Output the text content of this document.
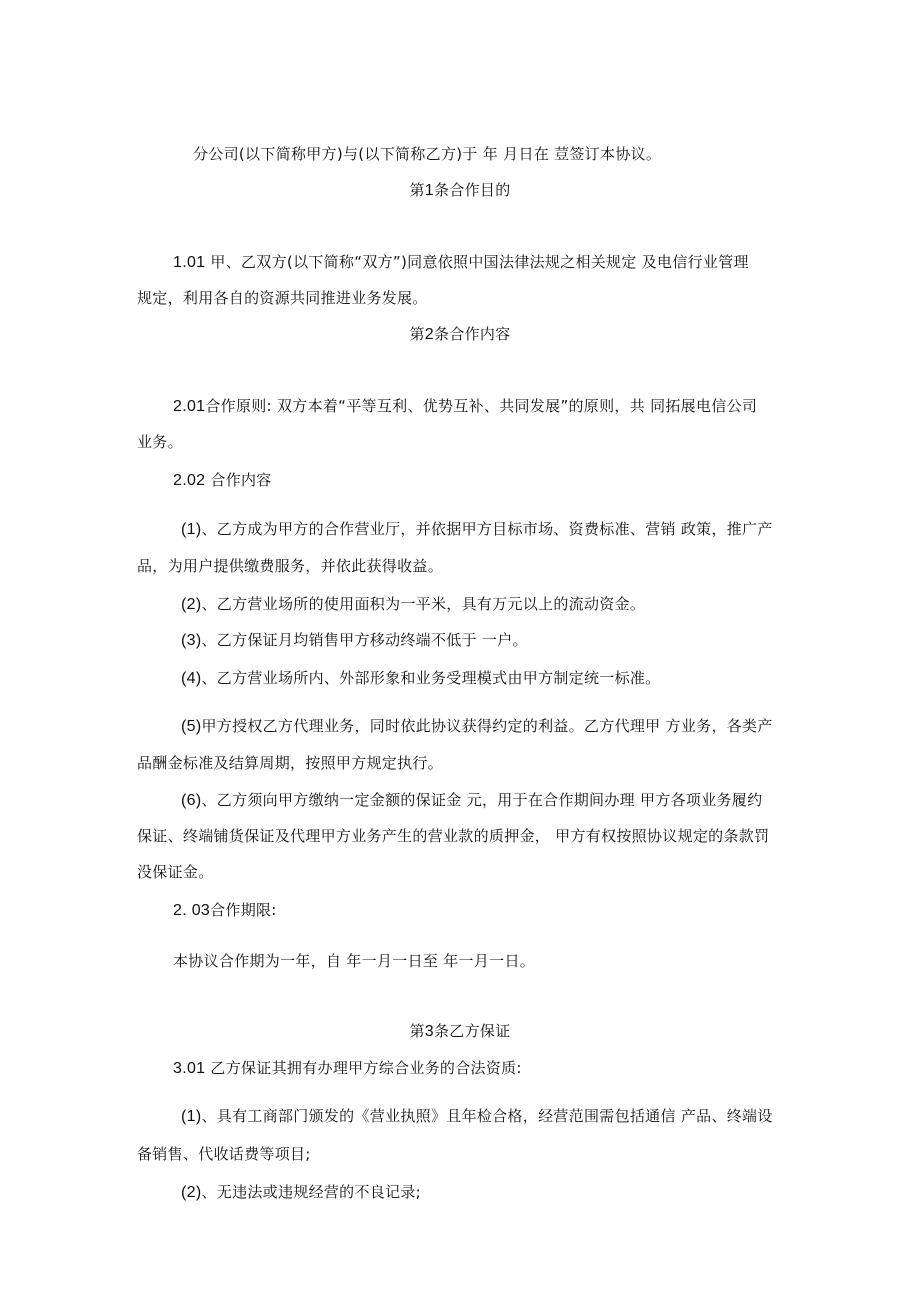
分公司(以下简称甲方)与(以下简称乙方)于 年 月日在 荳签订本协议。
第1条合作目的
1.01 甲、乙双方(以下简称“双方”)同意依照中国法律法规之相关规定 及电信行业管理
规定，利用各自的资源共同推进业务发展。
第2条合作内容
2.01合作原则: 双方本着“平等互利、优势互补、共同发展”的原则，共 同拓展电信公司
业务。
2.02 合作内容
(1)、乙方成为甲方的合作营业厅，并依据甲方目标市场、资费标准、营销 政策，推广产
品，为用户提供缴费服务，并依此获得收益。
(2)、乙方营业场所的使用面积为一平米，具有万元以上的流动资金。
(3)、乙方保证月均销售甲方移动终端不低于 一户。
(4)、乙方营业场所内、外部形象和业务受理模式由甲方制定统一标准。
(5)甲方授权乙方代理业务，同时依此协议获得约定的利益。乙方代理甲 方业务，各类产
品酬金标准及结算周期，按照甲方规定执行。
(6)、乙方须向甲方缴纳一定金额的保证金 元，用于在合作期间办理 甲方各项业务履约
保证、终端铺货保证及代理甲方业务产生的营业款的质押金， 甲方有权按照协议规定的条款罚
没保证金。
2. 03合作期限:
本协议合作期为一年，自 年一月一日至 年一月一日。
第3条乙方保证
3.01 乙方保证其拥有办理甲方综合业务的合法资质:
(1)、具有工商部门颁发的《营业执照》且年检合格，经营范围需包括通信 产品、终端设
备销售、代收话费等项目;
(2)、无违法或违规经营的不良记录;
